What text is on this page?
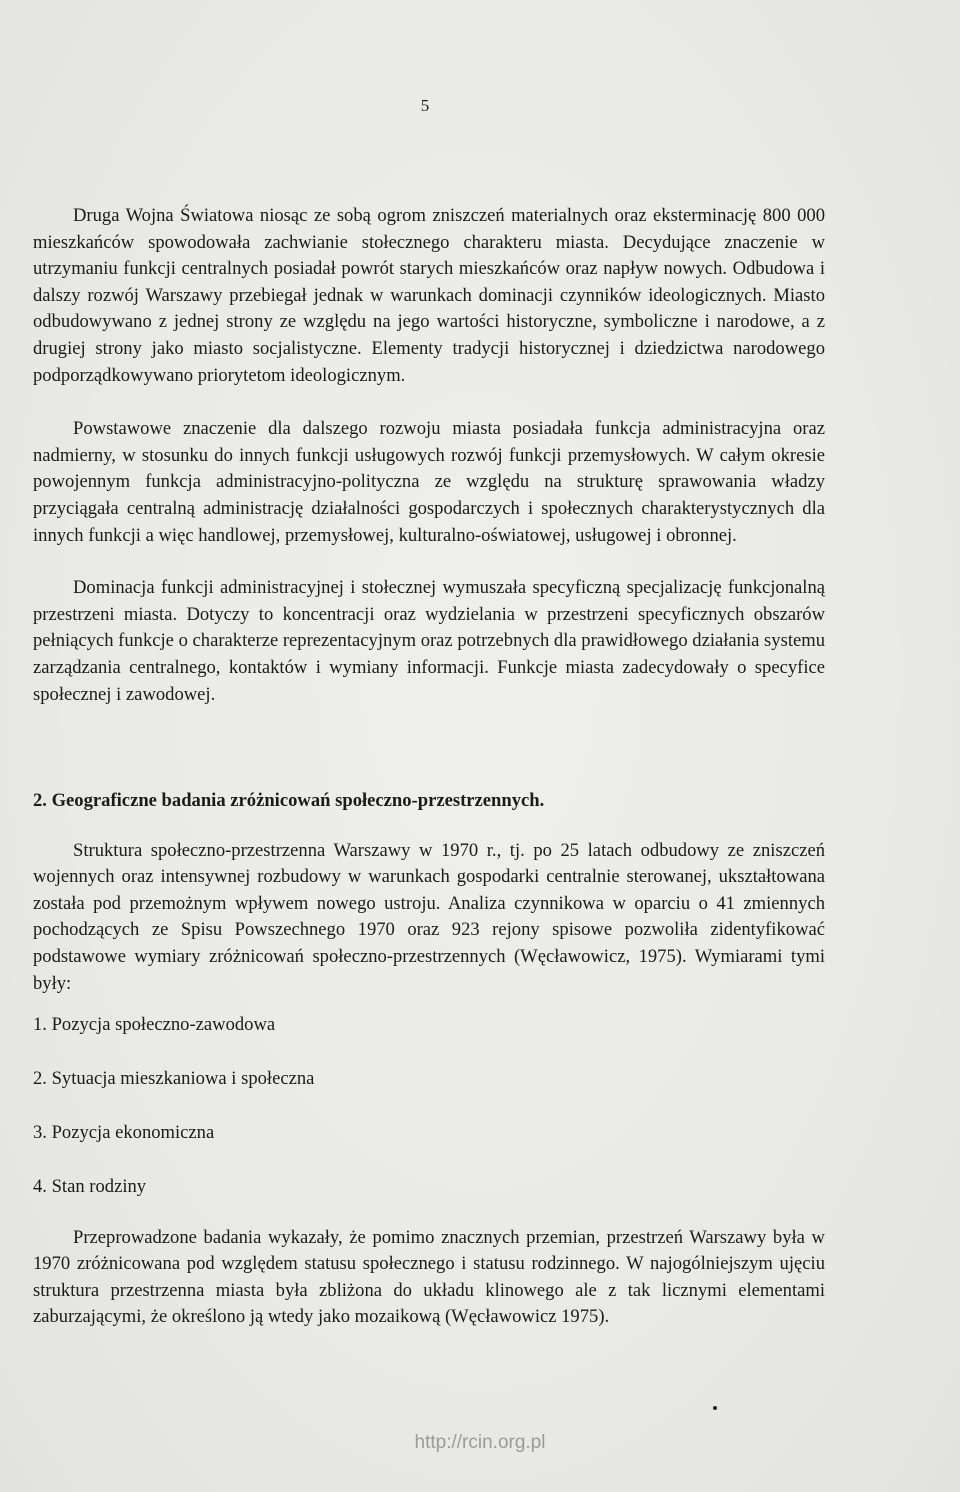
5

Druga Wojna Światowa niosąc ze sobą ogrom zniszczeń materialnych oraz eksterminację 800 000 mieszkańców spowodowała zachwianie stołecznego charakteru miasta. Decydujące znaczenie w utrzymaniu funkcji centralnych posiadał powrót starych mieszkańców oraz napływ nowych. Odbudowa i dalszy rozwój Warszawy przebiegał jednak w warunkach dominacji czynników ideologicznych. Miasto odbudowywano z jednej strony ze względu na jego wartości historyczne, symboliczne i narodowe, a z drugiej strony jako miasto socjalistyczne. Elementy tradycji historycznej i dziedzictwa narodowego podporządkowywano priorytetom ideologicznym.

Powstawowe znaczenie dla dalszego rozwoju miasta posiadała funkcja administracyjna oraz nadmierny, w stosunku do innych funkcji usługowych rozwój funkcji przemysłowych. W całym okresie powojennym funkcja administracyjno-polityczna ze względu na strukturę sprawowania władzy przyciągała centralną administrację działalności gospodarczych i społecznych charakterystycznych dla innych funkcji a więc handlowej, przemysłowej, kulturalno-oświatowej, usługowej i obronnej.

Dominacja funkcji administracyjnej i stołecznej wymuszała specyficzną specjalizację funkcjonalną przestrzeni miasta. Dotyczy to koncentracji oraz wydzielania w przestrzeni specyficznych obszarów pełniących funkcje o charakterze reprezentacyjnym oraz potrzebnych dla prawidłowego działania systemu zarządzania centralnego, kontaktów i wymiany informacji. Funkcje miasta zadecydowały o specyfice społecznej i zawodowej.

2. Geograficzne badania zróżnicowań społeczno-przestrzennych.

Struktura społeczno-przestrzenna Warszawy w 1970 r., tj. po 25 latach odbudowy ze zniszczeń wojennych oraz intensywnej rozbudowy w warunkach gospodarki centralnie sterowanej, ukształtowana została pod przemożnym wpływem nowego ustroju. Analiza czynnikowa w oparciu o 41 zmiennych pochodzących ze Spisu Powszechnego 1970 oraz 923 rejony spisowe pozwoliła zidentyfikować podstawowe wymiary zróżnicowań społeczno-przestrzennych (Węcławowicz, 1975). Wymiarami tymi były:

1. Pozycja społeczno-zawodowa
2. Sytuacja mieszkaniowa i społeczna
3. Pozycja ekonomiczna
4. Stan rodziny

Przeprowadzone badania wykazały, że pomimo znacznych przemian, przestrzeń Warszawy była w 1970 zróżnicowana pod względem statusu społecznego i statusu rodzinnego. W najogólniejszym ujęciu struktura przestrzenna miasta była zbliżona do układu klinowego ale z tak licznymi elementami zaburzającymi, że określono ją wtedy jako mozaikową (Węcławowicz 1975).

http://rcin.org.pl
